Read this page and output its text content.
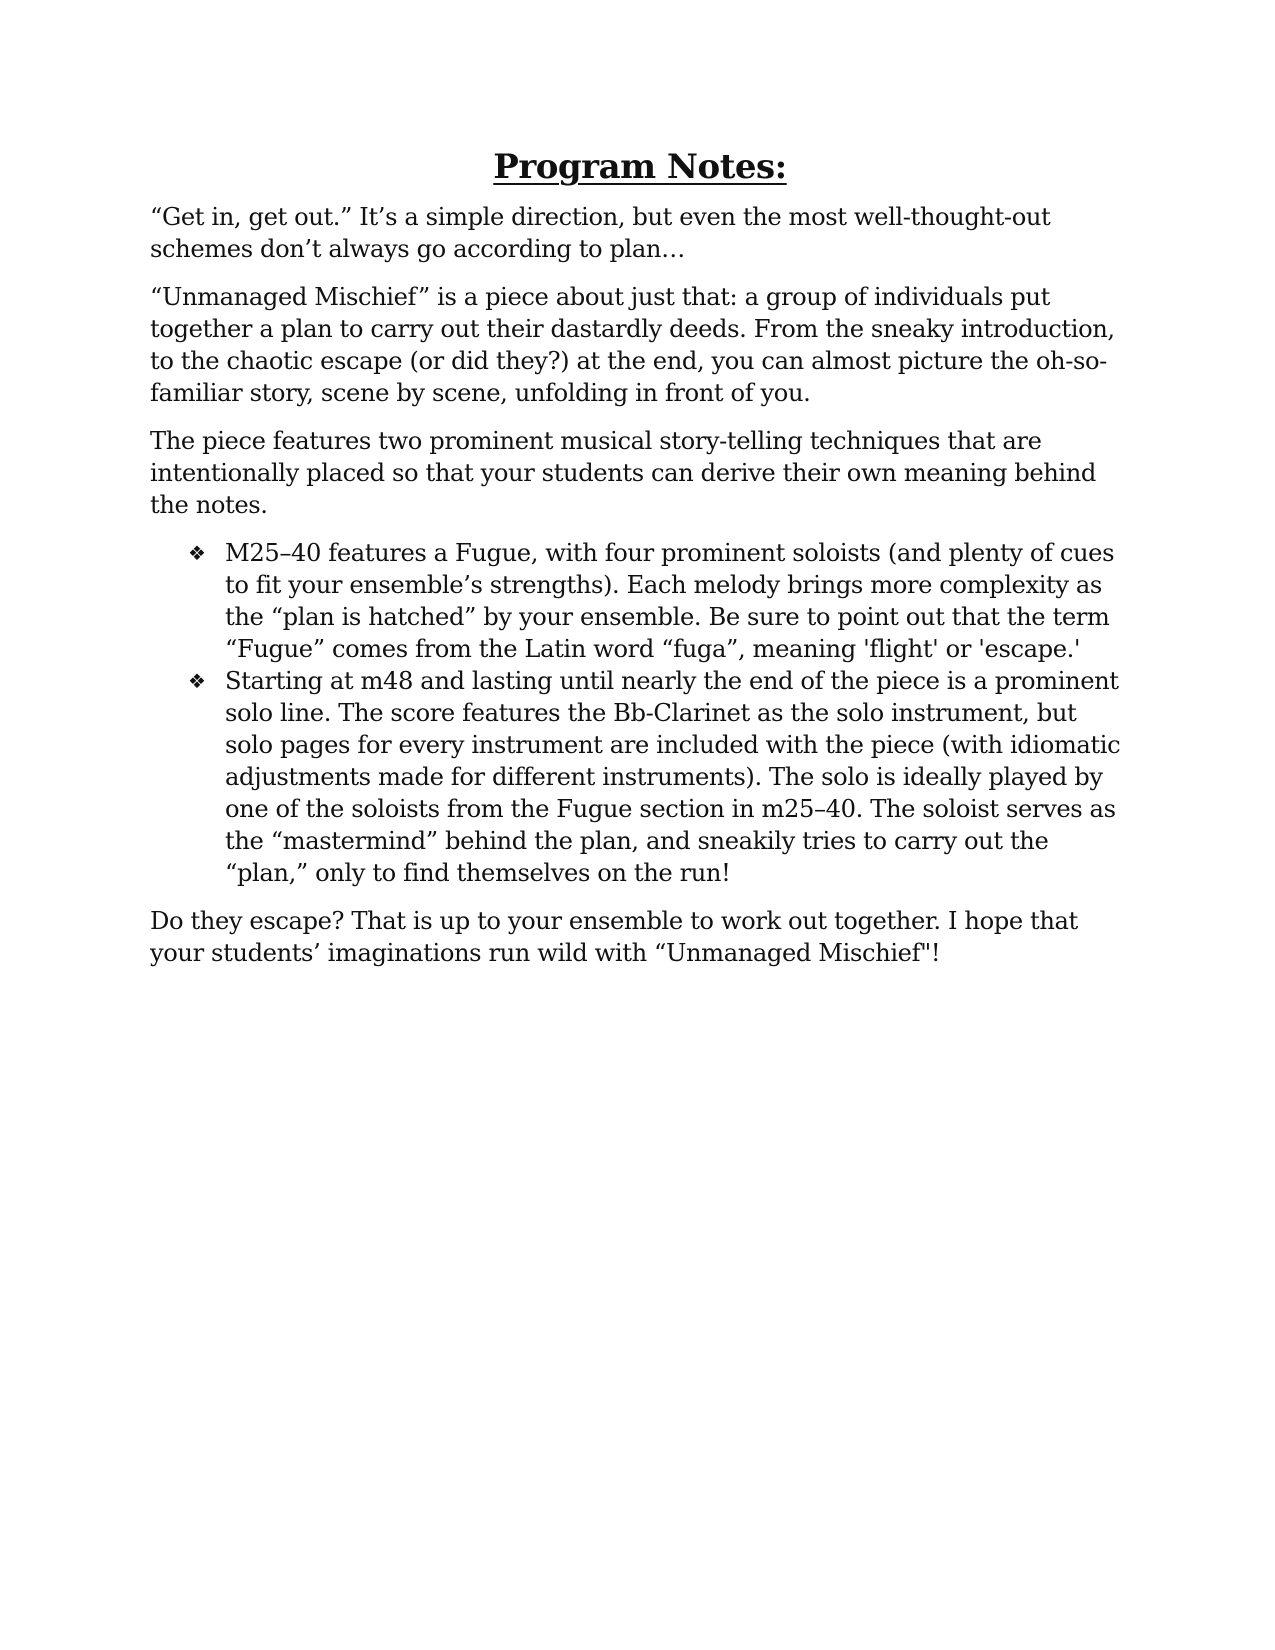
Program Notes:

“Get in, get out.” It’s a simple direction, but even the most well-thought-out schemes don’t always go according to plan…

“Unmanaged Mischief” is a piece about just that: a group of individuals put together a plan to carry out their dastardly deeds. From the sneaky introduction, to the chaotic escape (or did they?) at the end, you can almost picture the oh-so-familiar story, scene by scene, unfolding in front of you.

The piece features two prominent musical story-telling techniques that are intentionally placed so that your students can derive their own meaning behind the notes.

❖ M25–40 features a Fugue, with four prominent soloists (and plenty of cues to fit your ensemble’s strengths). Each melody brings more complexity as the “plan is hatched” by your ensemble. Be sure to point out that the term “Fugue” comes from the Latin word “fuga”, meaning 'flight' or 'escape.'
❖ Starting at m48 and lasting until nearly the end of the piece is a prominent solo line. The score features the Bb-Clarinet as the solo instrument, but solo pages for every instrument are included with the piece (with idiomatic adjustments made for different instruments). The solo is ideally played by one of the soloists from the Fugue section in m25–40. The soloist serves as the “mastermind” behind the plan, and sneakily tries to carry out the “plan,” only to find themselves on the run!

Do they escape? That is up to your ensemble to work out together. I hope that your students’ imaginations run wild with “Unmanaged Mischief"!
